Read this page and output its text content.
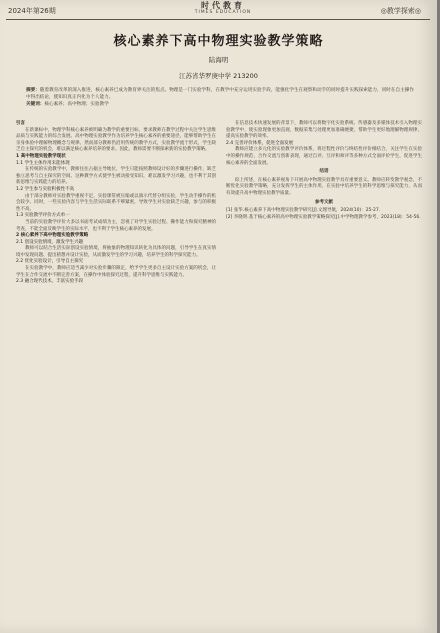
2024年第26期
时代教育
TIMES EDUCATION	◎教学探索◎
核心素养下高中物理实验教学策略
陆海明
江苏省华罗庚中学 213200
摘要：随着教育改革的深入推进，核心素养已成为教育界关注的焦点。物理是一门实验学科，在教学中充分运用实验手段，能强化学生在观察和动手的同时提升实践探索能力，同时在自主操作中得出结论，使知识真正内化为个人能力。
关键词：核心素养；高中物理；实验教学

引言

在新课标中，物理学科核心素养被明确为教学的重要目标，要求教师在教学过程中关注学生思维品质与实践能力的综合发展。高中物理实验教学作为培养学生核心素养的重要途径，能够帮助学生在亲身体验中理解物理概念与规律。然而部分教师仍沿用传统的教学方式，实验教学流于形式，学生缺乏自主探究的机会，难以满足核心素养培养的要求。因此，教师需要不断探索新的实验教学策略。

1 高中物理实验教学现状

1.1 学生主体作用未能体现

在传统的实验教学中，教师往往占据主导地位，学生只能按照教师设计好的步骤进行操作，缺乏独立思考与自主探究的空间。这种教学方式使学生被动接受知识，难以激发学习兴趣，也不利于其创新思维与实践能力的培养。

1.2 学生参与实验积极性不高

由于部分教师对实验教学重视不足，实验课常被压缩或以演示代替分组实验，学生动手操作的机会较少。同时，一些实验内容与学生生活实际联系不够紧密，导致学生对实验缺乏兴趣，参与的积极性不高。

1.3 实验教学评价方式单一

当前的实验教学评价大多以书面考试成绩为主，忽视了对学生实验过程、操作能力和探究精神的考查，不能全面反映学生的实际水平，也不利于学生核心素养的发展。

2 核心素养下高中物理实验教学策略

2.1 创设实验情境，激发学生兴趣

教师可以结合生活实际创设实验情境，将抽象的物理知识转化为具体的问题，引导学生在真实情境中发现问题、提出猜想并设计实验，从而激发学生的学习兴趣，培养学生的科学探究能力。

2.2 优化实验设计，引导自主探究

在实验教学中，教师应适当减少对实验步骤的限定，给予学生更多自主设计实验方案的机会，让学生在合作交流中不断完善方案，在操作中体验探究过程，提升科学思维与实践能力。

2.3 融合现代技术，丰富实验手段

在信息技术快速发展的背景下，教师可以将数字化实验系统、传感器及多媒体技术引入物理实验教学中，使实验现象更加直观，数据采集与处理更加准确便捷，帮助学生更好地理解物理规律，提高实验教学的效率。

2.4 完善评价体系，促进全面发展

教师应建立多元化的实验教学评价体系，将过程性评价与终结性评价相结合，关注学生在实验中的操作规范、合作交流与创新表现，通过自评、互评和师评等多种方式全面评价学生，促进学生核心素养的全面发展。

结语

综上所述，在核心素养视角下开展高中物理实验教学具有重要意义。教师应转变教学观念，不断优化实验教学策略，充分发挥学生的主体作用，在实验中培养学生的科学思维与探究能力，从而有效提升高中物理实验教学质量。

参考文献

[1] 张华.核心素养下高中物理实验教学研究[J].文理导航，2024(10)：25-27.

[2] 李晓明.基于核心素养的高中物理实验教学策略探究[J].中学物理教学参考，2023(18)：54-56.
